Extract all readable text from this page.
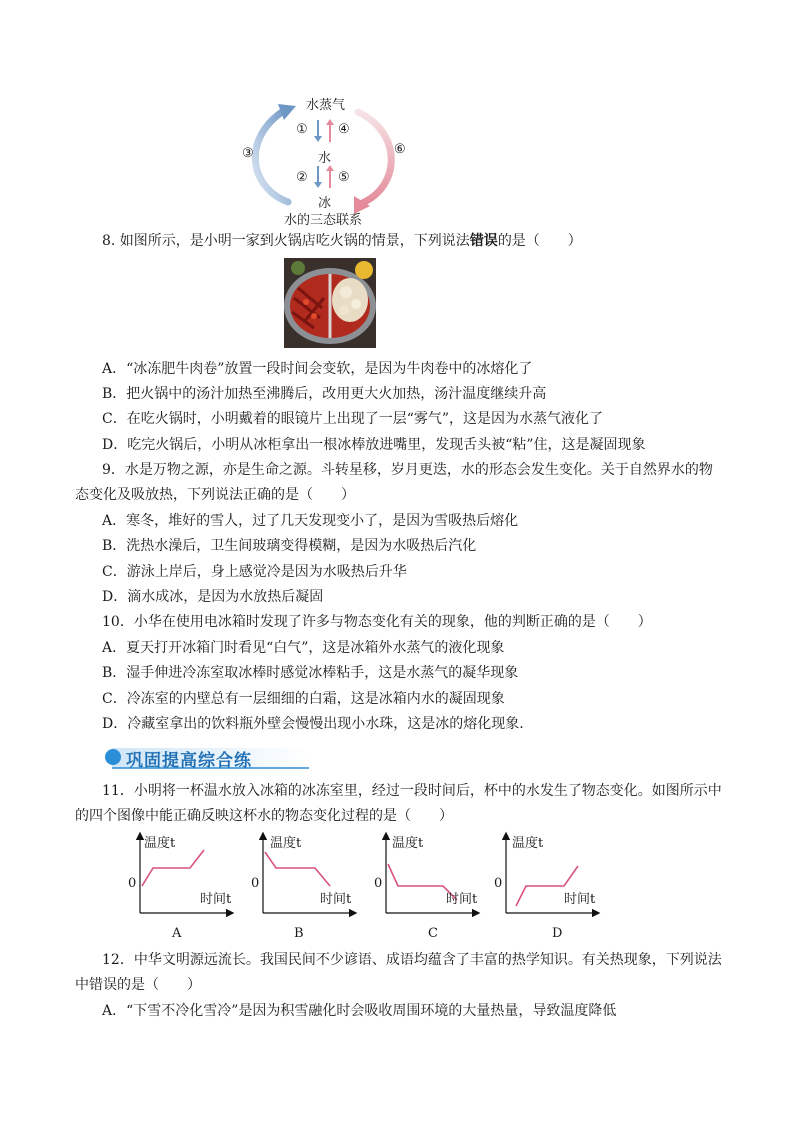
水蒸气
水
冰
① ④
② ⑤
③	⑥
水的三态联系
8. 如图所示，是小明一家到火锅店吃火锅的情景，下列说法错误的是（　　）
A．“冰冻肥牛肉卷”放置一段时间会变软，是因为牛肉卷中的冰熔化了
B．把火锅中的汤汁加热至沸腾后，改用更大火加热，汤汁温度继续升高
C．在吃火锅时，小明戴着的眼镜片上出现了一层“雾气”，这是因为水蒸气液化了
D．吃完火锅后，小明从冰柜拿出一根冰棒放进嘴里，发现舌头被“粘”住，这是凝固现象
9．水是万物之源，亦是生命之源。斗转星移，岁月更迭，水的形态会发生变化。关于自然界水的物
态变化及吸放热，下列说法正确的是（　　）
A．寒冬，堆好的雪人，过了几天发现变小了，是因为雪吸热后熔化
B．洗热水澡后，卫生间玻璃变得模糊，是因为水吸热后汽化
C．游泳上岸后，身上感觉冷是因为水吸热后升华
D．滴水成冰，是因为水放热后凝固
10．小华在使用电冰箱时发现了许多与物态变化有关的现象，他的判断正确的是（　　）
A．夏天打开冰箱门时看见“白气”，这是冰箱外水蒸气的液化现象
B．湿手伸进冷冻室取冰棒时感觉冰棒粘手，这是水蒸气的凝华现象
C．冷冻室的内壁总有一层细细的白霜，这是冰箱内水的凝固现象
D．冷藏室拿出的饮料瓶外壁会慢慢出现小水珠，这是冰的熔化现象.
巩固提高综合练
11．小明将一杯温水放入冰箱的冰冻室里，经过一段时间后，杯中的水发生了物态变化。如图所示中
的四个图像中能正确反映这杯水的物态变化过程的是（　　）
温度t
0
时间t
A
温度t
0
时间t
B
温度t
0
时间t
C
温度t
0
时间t
D
12．中华文明源远流长。我国民间不少谚语、成语均蕴含了丰富的热学知识。有关热现象，下列说法
中错误的是（　　）
A．“下雪不冷化雪冷”是因为积雪融化时会吸收周围环境的大量热量，导致温度降低
